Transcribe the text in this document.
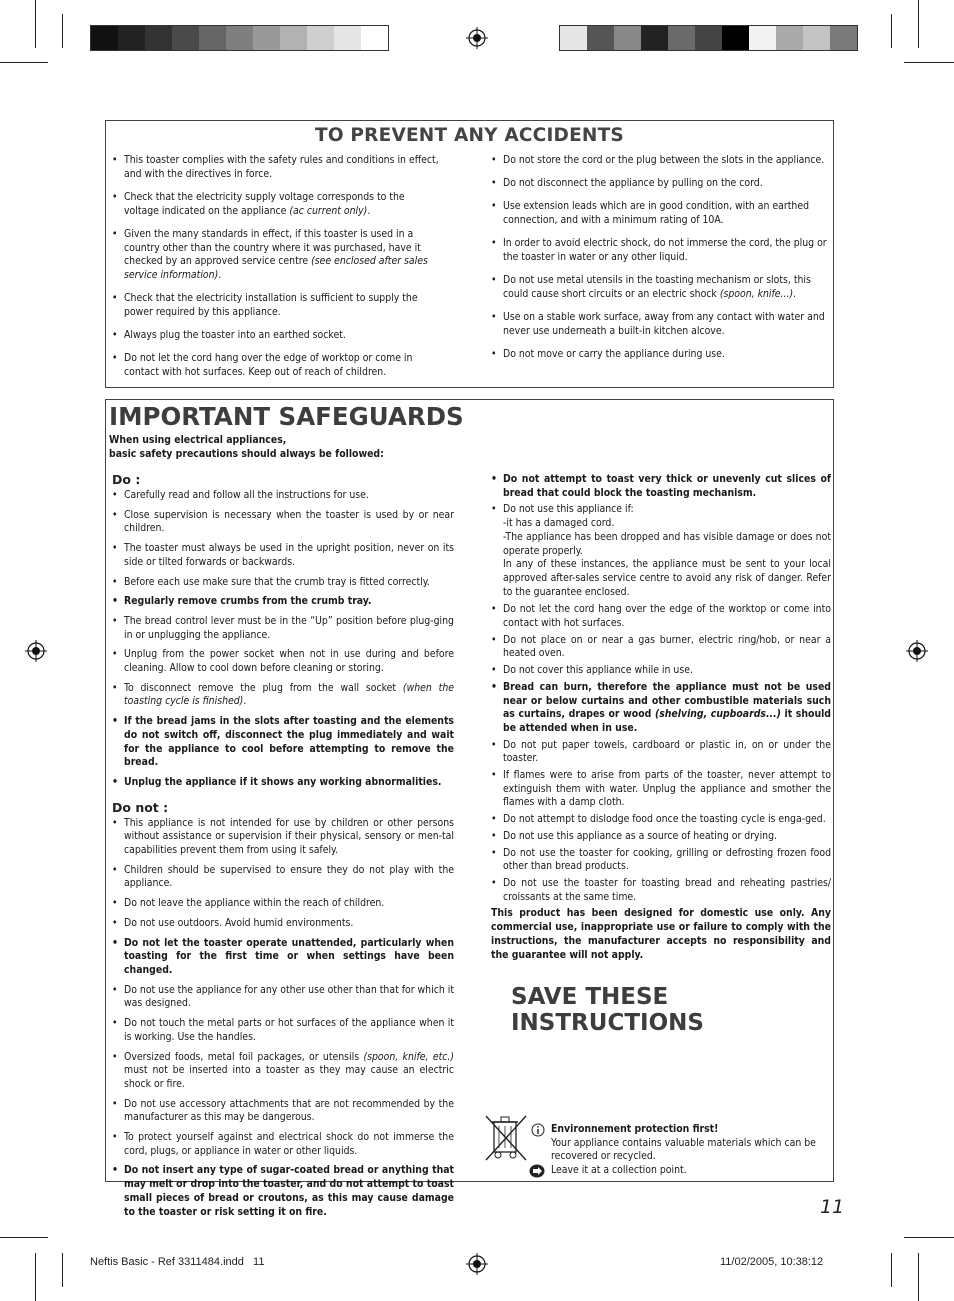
TO PREVENT ANY ACCIDENTS
• This toaster complies with the safety rules and conditions in effect, and with the directives in force.
• Check that the electricity supply voltage corresponds to the voltage indicated on the appliance (ac current only).
• Given the many standards in effect, if this toaster is used in a country other than the country where it was purchased, have it checked by an approved service centre (see enclosed after sales service information).
• Check that the electricity installation is sufficient to supply the power required by this appliance.
• Always plug the toaster into an earthed socket.
• Do not let the cord hang over the edge of worktop or come in contact with hot surfaces. Keep out of reach of children.
• Do not store the cord or the plug between the slots in the appliance.
• Do not disconnect the appliance by pulling on the cord.
• Use extension leads which are in good condition, with an earthed connection, and with a minimum rating of 10A.
• In order to avoid electric shock, do not immerse the cord, the plug or the toaster in water or any other liquid.
• Do not use metal utensils in the toasting mechanism or slots, this could cause short circuits or an electric shock (spoon, knife...).
• Use on a stable work surface, away from any contact with water and never use underneath a built-in kitchen alcove.
• Do not move or carry the appliance during use.
IMPORTANT SAFEGUARDS
When using electrical appliances,
basic safety precautions should always be followed:
Do :
• Carefully read and follow all the instructions for use.
• Close supervision is necessary when the toaster is used by or near children.
• The toaster must always be used in the upright position, never on its side or tilted forwards or backwards.
• Before each use make sure that the crumb tray is fitted correctly.
• Regularly remove crumbs from the crumb tray.
• The bread control lever must be in the “Up” position before plug-ging in or unplugging the appliance.
• Unplug from the power socket when not in use during and before cleaning. Allow to cool down before cleaning or storing.
• To disconnect remove the plug from the wall socket (when the toasting cycle is finished).
• If the bread jams in the slots after toasting and the elements do not switch off, disconnect the plug immediately and wait for the appliance to cool before attempting to remove the bread.
• Unplug the appliance if it shows any working abnormalities.
Do not :
• This appliance is not intended for use by children or other persons without assistance or supervision if their physical, sensory or men-tal capabilities prevent them from using it safely.
• Children should be supervised to ensure they do not play with the appliance.
• Do not leave the appliance within the reach of children.
• Do not use outdoors. Avoid humid environments.
• Do not let the toaster operate unattended, particularly when toasting for the first time or when settings have been changed.
• Do not use the appliance for any other use other than that for which it was designed.
• Do not touch the metal parts or hot surfaces of the appliance when it is working. Use the handles.
• Oversized foods, metal foil packages, or utensils (spoon, knife, etc.) must not be inserted into a toaster as they may cause an electric shock or fire.
• Do not use accessory attachments that are not recommended by the manufacturer as this may be dangerous.
• To protect yourself against and electrical shock do not immerse the cord, plugs, or appliance in water or other liquids.
• Do not insert any type of sugar-coated bread or anything that may melt or drop into the toaster, and do not attempt to toast small pieces of bread or croutons, as this may cause damage to the toaster or risk setting it on fire.
• Do not attempt to toast very thick or unevenly cut slices of bread that could block the toasting mechanism.
• Do not use this appliance if:
-it has a damaged cord.
-The appliance has been dropped and has visible damage or does not operate properly.
In any of these instances, the appliance must be sent to your local approved after-sales service centre to avoid any risk of danger. Refer to the guarantee enclosed.
• Do not let the cord hang over the edge of the worktop or come into contact with hot surfaces.
• Do not place on or near a gas burner, electric ring/hob, or near a heated oven.
• Do not cover this appliance while in use.
• Bread can burn, therefore the appliance must not be used near or below curtains and other combustible materials such as curtains, drapes or wood (shelving, cupboards...) it should be attended when in use.
• Do not put paper towels, cardboard or plastic in, on or under the toaster.
• If flames were to arise from parts of the toaster, never attempt to extinguish them with water. Unplug the appliance and smother the flames with a damp cloth.
• Do not attempt to dislodge food once the toasting cycle is enga-ged.
• Do not use this appliance as a source of heating or drying.
• Do not use the toaster for cooking, grilling or defrosting frozen food other than bread products.
• Do not use the toaster for toasting bread and reheating pastries/ croissants at the same time.
This product has been designed for domestic use only. Any commercial use, inappropriate use or failure to comply with the instructions, the manufacturer accepts no responsibility and the guarantee will not apply.
SAVE THESE INSTRUCTIONS
Environnement protection first!
Your appliance contains valuable materials which can be recovered or recycled.
Leave it at a collection point.
11
Neftis Basic - Ref 3311484.indd   11	11/02/2005, 10:38:12
